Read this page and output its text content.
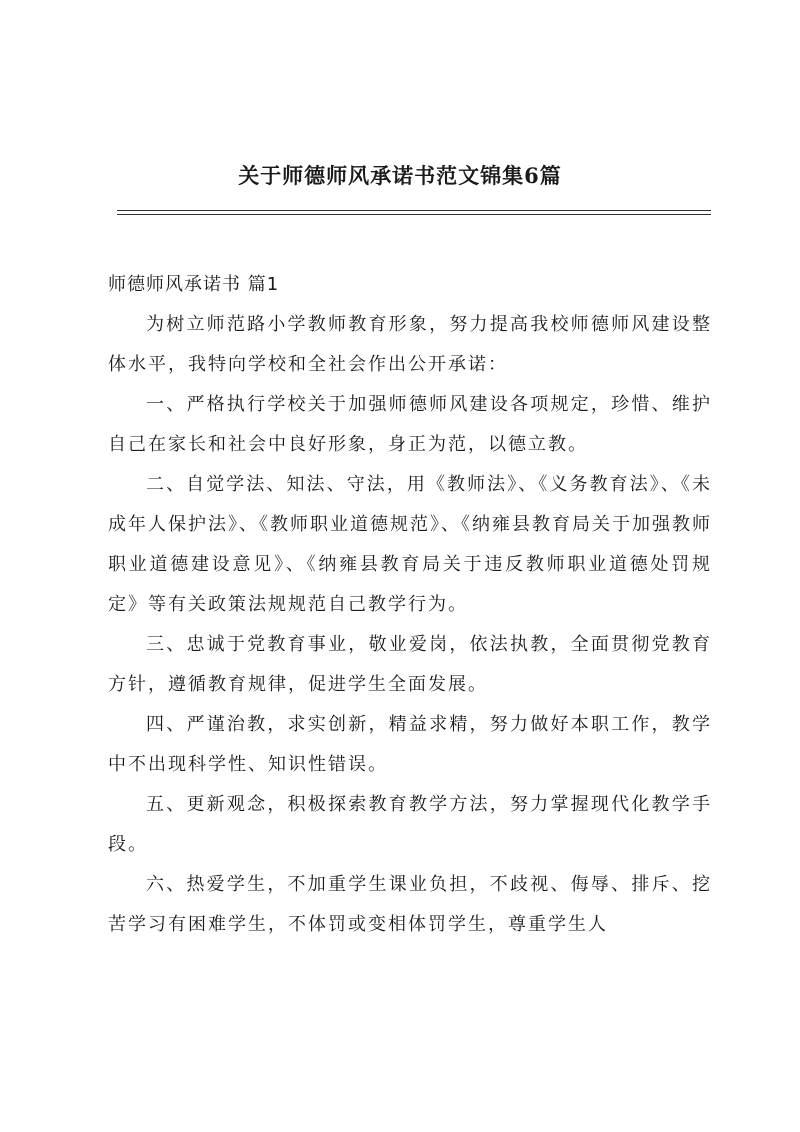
关于师德师风承诺书范文锦集6篇

师德师风承诺书 篇1

为树立师范路小学教师教育形象，努力提高我校师德师风建设整体水平，我特向学校和全社会作出公开承诺：

一、严格执行学校关于加强师德师风建设各项规定，珍惜、维护自己在家长和社会中良好形象，身正为范，以德立教。

二、自觉学法、知法、守法，用《教师法》、《义务教育法》、《未成年人保护法》、《教师职业道德规范》、《纳雍县教育局关于加强教师职业道德建设意见》、《纳雍县教育局关于违反教师职业道德处罚规定》等有关政策法规规范自己教学行为。

三、忠诚于党教育事业，敬业爱岗，依法执教，全面贯彻党教育方针，遵循教育规律，促进学生全面发展。

四、严谨治教，求实创新，精益求精，努力做好本职工作，教学中不出现科学性、知识性错误。

五、更新观念，积极探索教育教学方法，努力掌握现代化教学手段。

六、热爱学生，不加重学生课业负担，不歧视、侮辱、排斥、挖苦学习有困难学生，不体罚或变相体罚学生，尊重学生人
